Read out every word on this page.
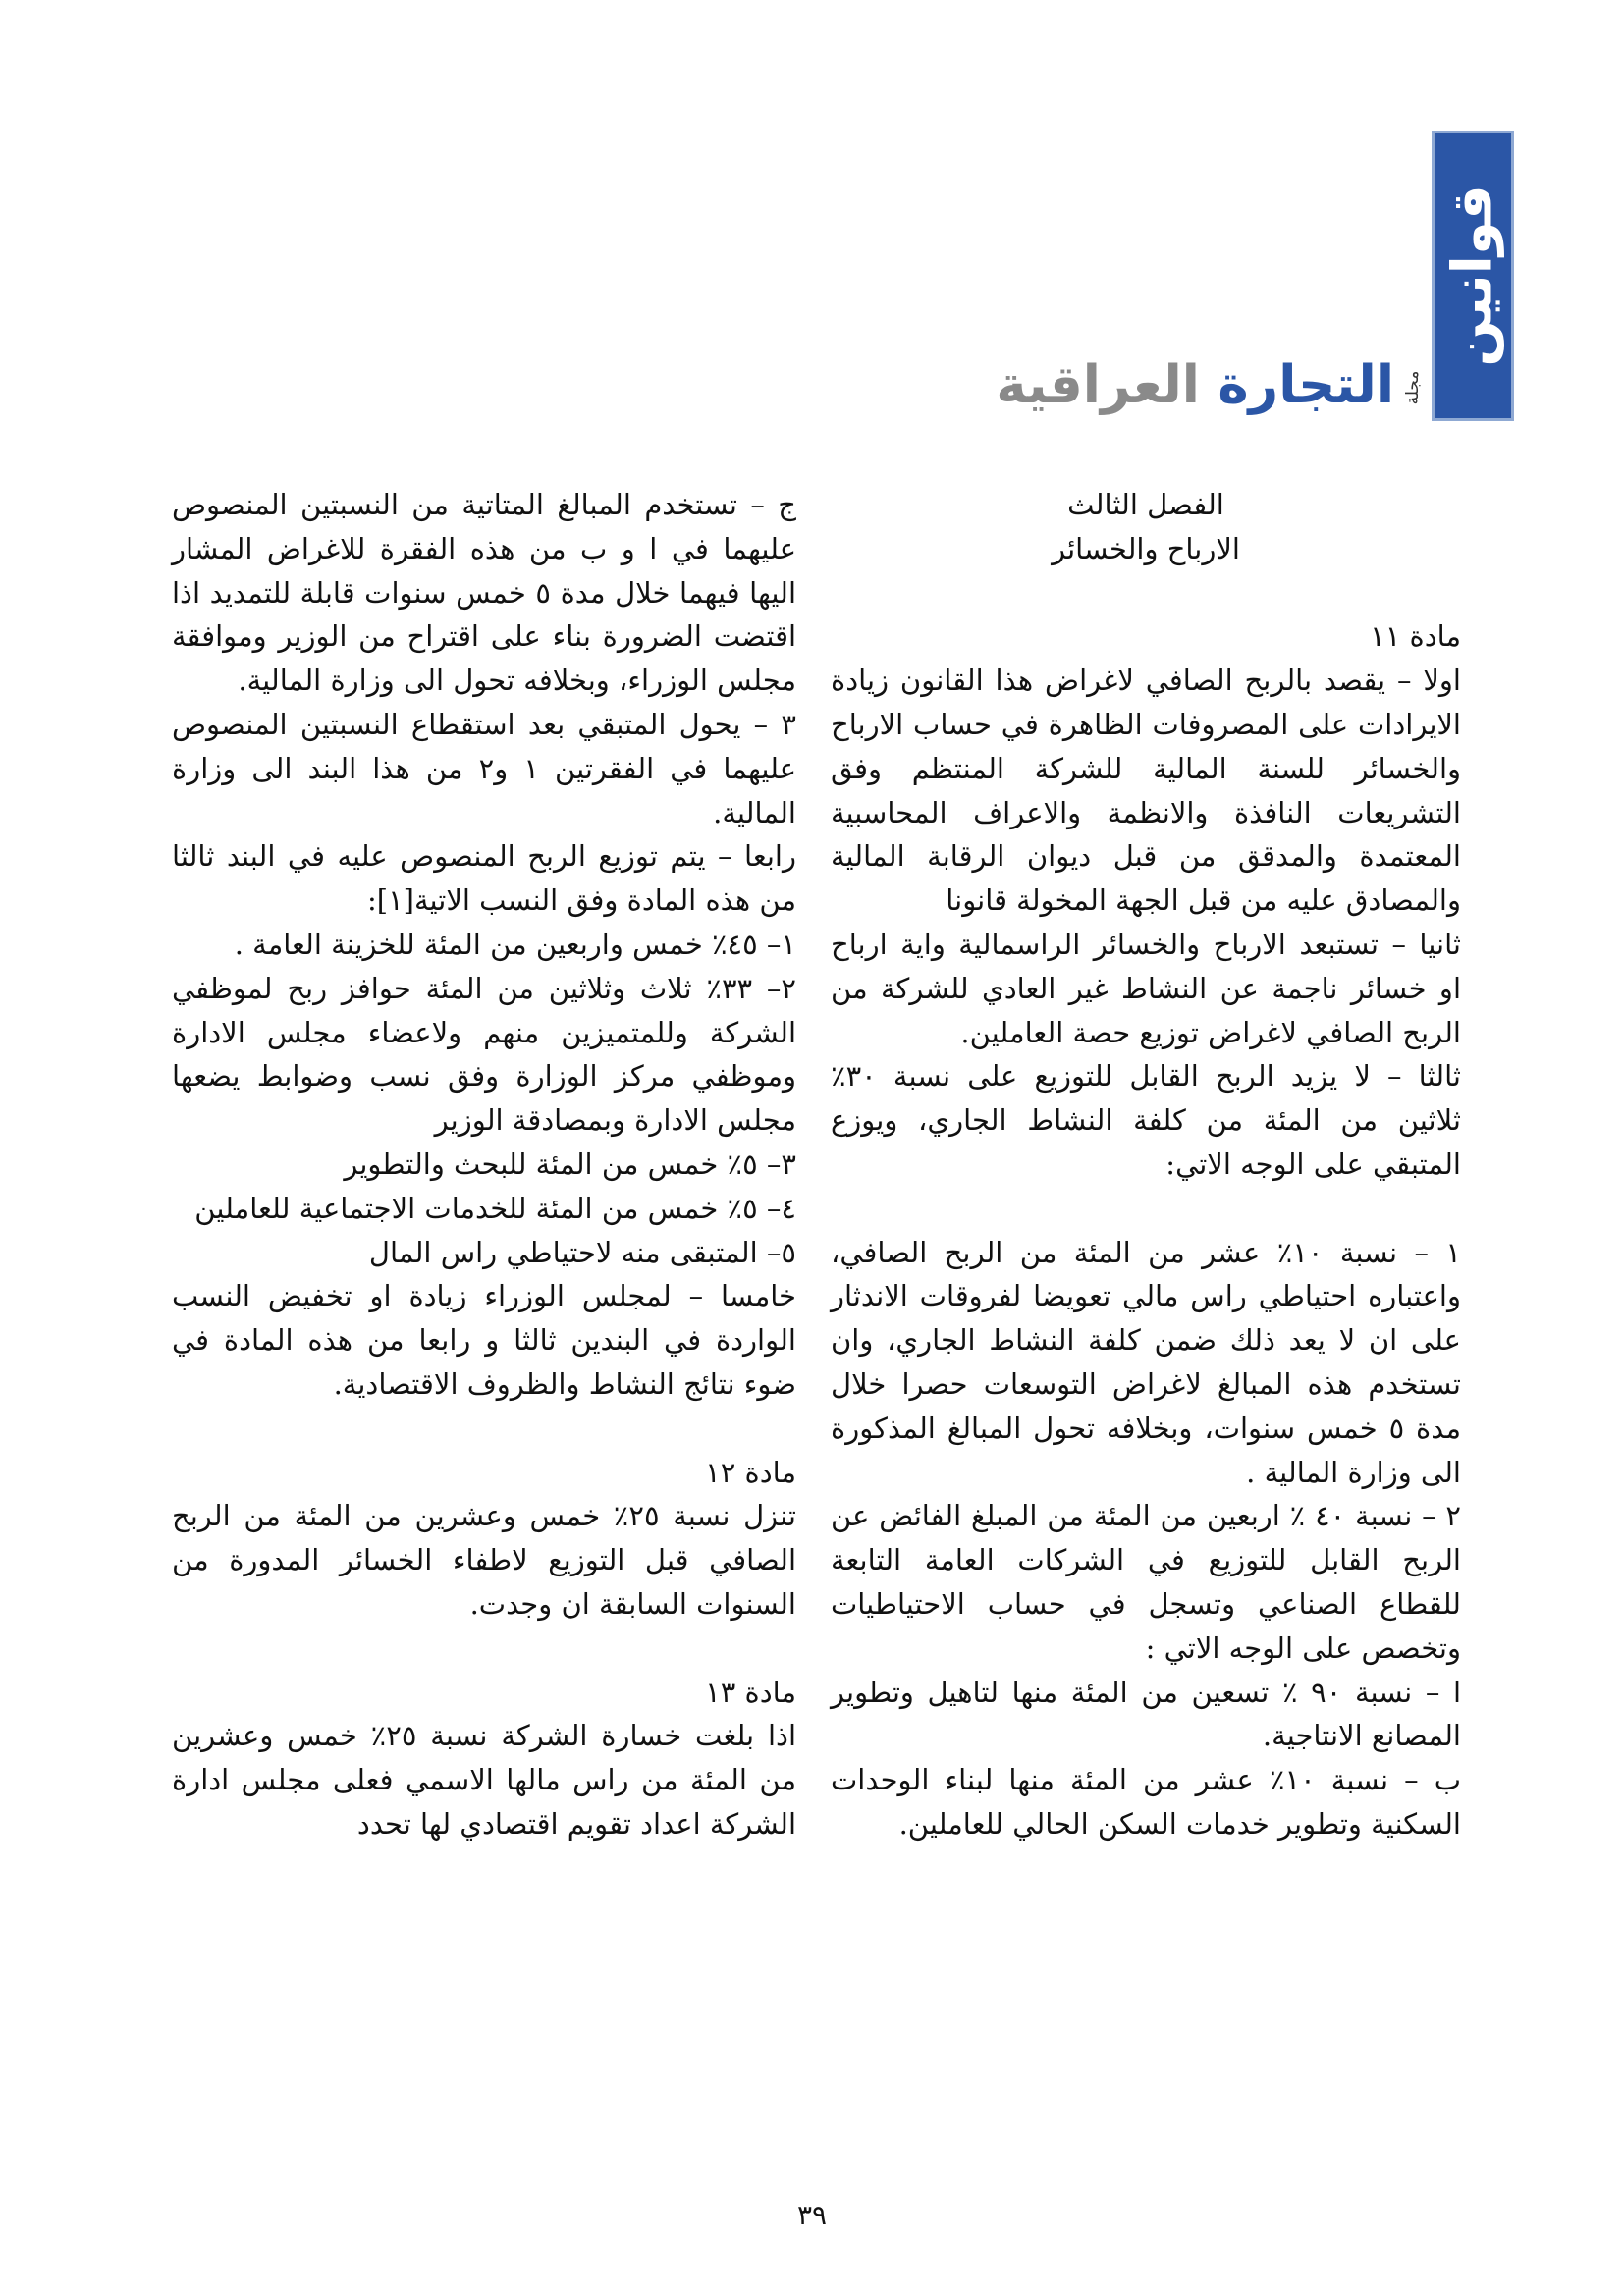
قوانين
مجلة
التجارة العراقية

الفصل الثالث

الارباح والخسائر

مادة ١١

اولا – يقصد بالربح الصافي لاغراض هذا القانون زيادة الايرادات على المصروفات الظاهرة في حساب الارباح والخسائر للسنة المالية للشركة المنتظم وفق التشريعات النافذة والانظمة والاعراف المحاسبية المعتمدة والمدقق من قبل ديوان الرقابة المالية والمصادق عليه من قبل الجهة المخولة قانونا

ثانيا – تستبعد الارباح والخسائر الراسمالية واية ارباح او خسائر ناجمة عن النشاط غير العادي للشركة من الربح الصافي لاغراض توزيع حصة العاملين.

ثالثا – لا يزيد الربح القابل للتوزيع على نسبة ٣٠٪ ثلاثين من المئة من كلفة النشاط الجاري، ويوزع المتبقي على الوجه الاتي:

١ – نسبة ١٠٪ عشر من المئة من الربح الصافي، واعتباره احتياطي راس مالي تعويضا لفروقات الاندثار على ان لا يعد ذلك ضمن كلفة النشاط الجاري، وان تستخدم هذه المبالغ لاغراض التوسعات حصرا خلال مدة ٥ خمس سنوات، وبخلافه تحول المبالغ المذكورة الى وزارة المالية .

٢ – نسبة ٤٠ ٪ اربعين من المئة من المبلغ الفائض عن الربح القابل للتوزيع في الشركات العامة التابعة للقطاع الصناعي وتسجل في حساب الاحتياطيات وتخصص على الوجه الاتي :

ا – نسبة ٩٠ ٪ تسعين من المئة منها لتاهيل وتطوير المصانع الانتاجية.

ب – نسبة ١٠٪ عشر من المئة منها لبناء الوحدات السكنية وتطوير خدمات السكن الحالي للعاملين.

ج – تستخدم المبالغ المتاتية من النسبتين المنصوص عليهما في ا و ب من هذه الفقرة للاغراض المشار اليها فيهما خلال مدة ٥ خمس سنوات قابلة للتمديد اذا اقتضت الضرورة بناء على اقتراح من الوزير وموافقة مجلس الوزراء، وبخلافه تحول الى وزارة المالية.

٣ – يحول المتبقي بعد استقطاع النسبتين المنصوص عليهما في الفقرتين ١ و٢ من هذا البند الى وزارة المالية.

رابعا – يتم توزيع الربح المنصوص عليه في البند ثالثا من هذه المادة وفق النسب الاتية[١]:

١– ٤٥٪ خمس واربعين من المئة للخزينة العامة .

٢– ٣٣٪ ثلاث وثلاثين من المئة حوافز ربح لموظفي الشركة وللمتميزين منهم ولاعضاء مجلس الادارة وموظفي مركز الوزارة وفق نسب وضوابط يضعها مجلس الادارة وبمصادقة الوزير

٣– ٥٪ خمس من المئة للبحث والتطوير

٤– ٥٪ خمس من المئة للخدمات الاجتماعية للعاملين

٥– المتبقى منه لاحتياطي راس المال

خامسا – لمجلس الوزراء زيادة او تخفيض النسب الواردة في البندين ثالثا و رابعا من هذه المادة في ضوء نتائج النشاط والظروف الاقتصادية.

مادة ١٢

تنزل نسبة ٢٥٪ خمس وعشرين من المئة من الربح الصافي قبل التوزيع لاطفاء الخسائر المدورة من السنوات السابقة ان وجدت.

مادة ١٣

اذا بلغت خسارة الشركة نسبة ٢٥٪ خمس وعشرين من المئة من راس مالها الاسمي فعلى مجلس ادارة الشركة اعداد تقويم اقتصادي لها تحدد

٣٩
